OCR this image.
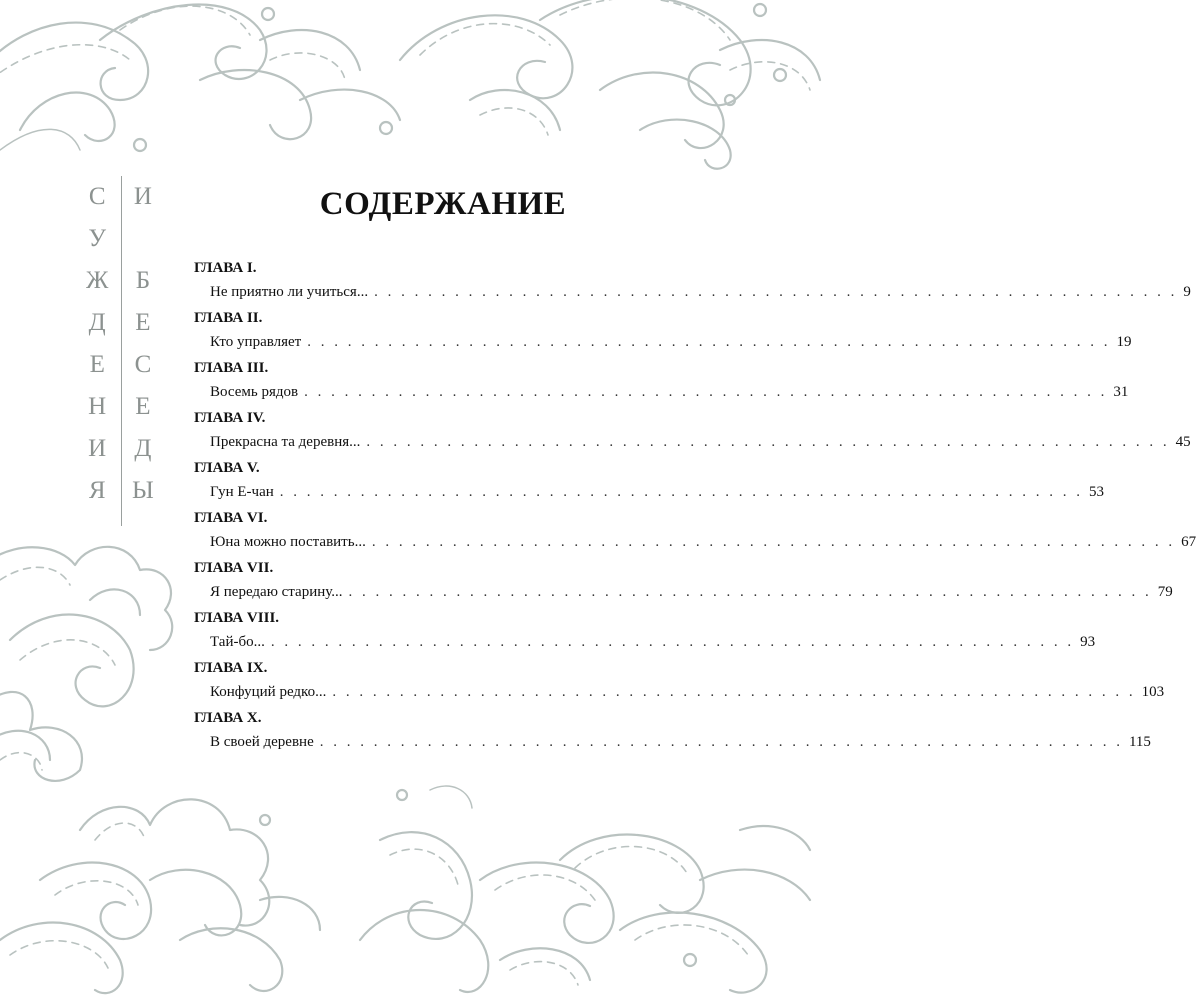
С
У
Ж
Д
Е
Н
И
Я
И
Б
Е
С
Е
Д
Ы
СОДЕРЖАНИЕ
ГЛАВА I.
Не приятно ли учиться... . . . . . . . . . . . . . . . . . . . . . . . . . . . . . . . . . . . . . . . . . . . . . . . . . . . . . . . . . . . . 9
ГЛАВА II.
Кто управляет . . . . . . . . . . . . . . . . . . . . . . . . . . . . . . . . . . . . . . . . . . . . . . . . . . . . . . . . . . . . 19
ГЛАВА III.
Восемь рядов . . . . . . . . . . . . . . . . . . . . . . . . . . . . . . . . . . . . . . . . . . . . . . . . . . . . . . . . . . . . 31
ГЛАВА IV.
Прекрасна та деревня... . . . . . . . . . . . . . . . . . . . . . . . . . . . . . . . . . . . . . . . . . . . . . . . . . . . . . . . . . . . . 45
ГЛАВА V.
Гун Е-чан . . . . . . . . . . . . . . . . . . . . . . . . . . . . . . . . . . . . . . . . . . . . . . . . . . . . . . . . . . . . 53
ГЛАВА VI.
Юна можно поставить... . . . . . . . . . . . . . . . . . . . . . . . . . . . . . . . . . . . . . . . . . . . . . . . . . . . . . . . . . . . . 67
ГЛАВА VII.
Я передаю старину... . . . . . . . . . . . . . . . . . . . . . . . . . . . . . . . . . . . . . . . . . . . . . . . . . . . . . . . . . . . . 79
ГЛАВА VIII.
Тай-бо... . . . . . . . . . . . . . . . . . . . . . . . . . . . . . . . . . . . . . . . . . . . . . . . . . . . . . . . . . . . . 93
ГЛАВА IX.
Конфуций редко... . . . . . . . . . . . . . . . . . . . . . . . . . . . . . . . . . . . . . . . . . . . . . . . . . . . . . . . . . . . . 103
ГЛАВА X.
В своей деревне . . . . . . . . . . . . . . . . . . . . . . . . . . . . . . . . . . . . . . . . . . . . . . . . . . . . . . . . . . . . 115
